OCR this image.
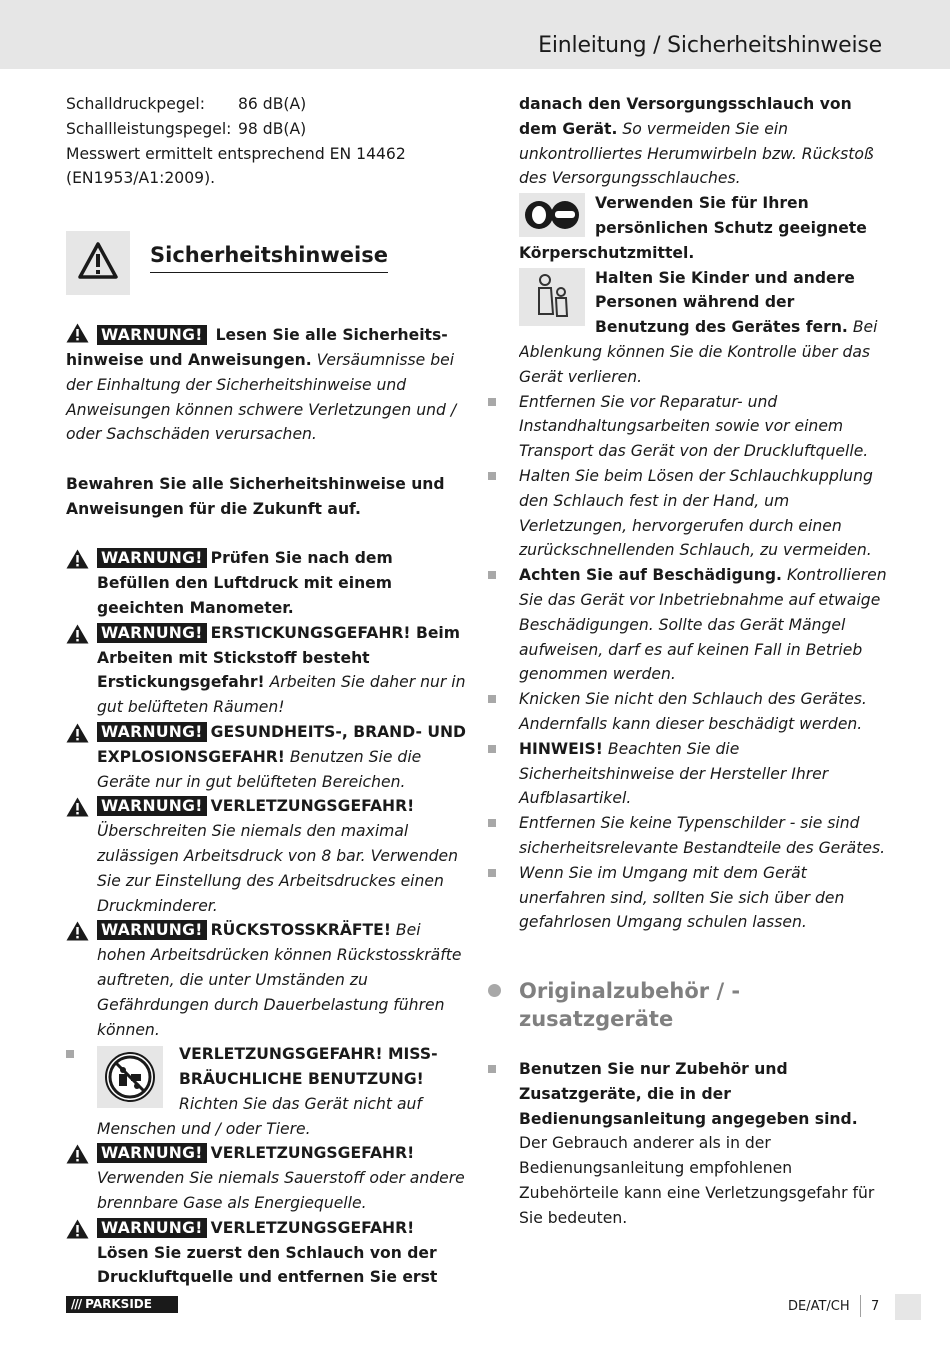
Einleitung / Sicherheitshinweise
Schalldruckpegel:	86 dB(A)
Schallleistungspegel: 98 dB(A)

Messwert ermittelt entsprechend EN 14462 (EN1953/A1:2009).

Sicherheitshinweise
WARNUNG! Lesen Sie alle Sicherheitshinweise und Anweisungen. Versäumnisse bei der Einhaltung der Sicherheitshinweise und Anweisungen können schwere Verletzungen und / oder Sachschäden verursachen.

Bewahren Sie alle Sicherheitshinweise und Anweisungen für die Zukunft auf.

WARNUNG! Prüfen Sie nach dem Befüllen den Luftdruck mit einem geeichten Manometer.
WARNUNG! ERSTICKUNGSGEFAHR! Beim Arbeiten mit Stickstoff besteht Erstickungsgefahr! Arbeiten Sie daher nur in gut belüfteten Räumen!
WARNUNG! GESUNDHEITS-, BRAND- UND EXPLOSIONSGEFAHR! Benutzen Sie die Geräte nur in gut belüfteten Bereichen.
WARNUNG! VERLETZUNGSGEFAHR! Überschreiten Sie niemals den maximal zulässigen Arbeitsdruck von 8 bar. Verwenden Sie zur Einstellung des Arbeitsdruckes einen Druckminderer.
WARNUNG! RÜCKSTOSSKRÄFTE! Bei hohen Arbeitsdrücken können Rückstosskräfte auftreten, die unter Umständen zu Gefährdungen durch Dauerbelastung führen können.
VERLETZUNGSGEFAHR! MISSBRÄUCHLICHE BENUTZUNG! Richten Sie das Gerät nicht auf Menschen und / oder Tiere.
WARNUNG! VERLETZUNGSGEFAHR! Verwenden Sie niemals Sauerstoff oder andere brennbare Gase als Energiequelle.
WARNUNG! VERLETZUNGSGEFAHR! Lösen Sie zuerst den Schlauch von der Druckluftquelle und entfernen Sie erst

danach den Versorgungsschlauch von dem Gerät. So vermeiden Sie ein unkontrolliertes Herumwirbeln bzw. Rückstoß des Versorgungsschlauches.

Verwenden Sie für Ihren persönlichen Schutz geeignete Körperschutzmittel.
Halten Sie Kinder und andere Personen während der Benutzung des Gerätes fern. Bei Ablenkung können Sie die Kontrolle über das Gerät verlieren.
Entfernen Sie vor Reparatur- und Instandhaltungsarbeiten sowie vor einem Transport das Gerät von der Druckluftquelle.
Halten Sie beim Lösen der Schlauchkupplung den Schlauch fest in der Hand, um Verletzungen, hervorgerufen durch einen zurückschnellenden Schlauch, zu vermeiden.
Achten Sie auf Beschädigung. Kontrollieren Sie das Gerät vor Inbetriebnahme auf etwaige Beschädigungen. Sollte das Gerät Mängel aufweisen, darf es auf keinen Fall in Betrieb genommen werden.
Knicken Sie nicht den Schlauch des Gerätes. Andernfalls kann dieser beschädigt werden.
HINWEIS! Beachten Sie die Sicherheitshinweise der Hersteller Ihrer Aufblasartikel.
Entfernen Sie keine Typenschilder - sie sind sicherheitsrelevante Bestandteile des Gerätes.
Wenn Sie im Umgang mit dem Gerät unerfahren sind, sollten Sie sich über den gefahrlosen Umgang schulen lassen.
Originalzubehör / -zusatzgeräte
Benutzen Sie nur Zubehör und Zusatzgeräte, die in der Bedienungsanleitung angegeben sind. Der Gebrauch anderer als in der Bedienungsanleitung empfohlenen Zubehörteile kann eine Verletzungsgefahr für Sie bedeuten.
/// PARKSIDE	DE/AT/CH 7
